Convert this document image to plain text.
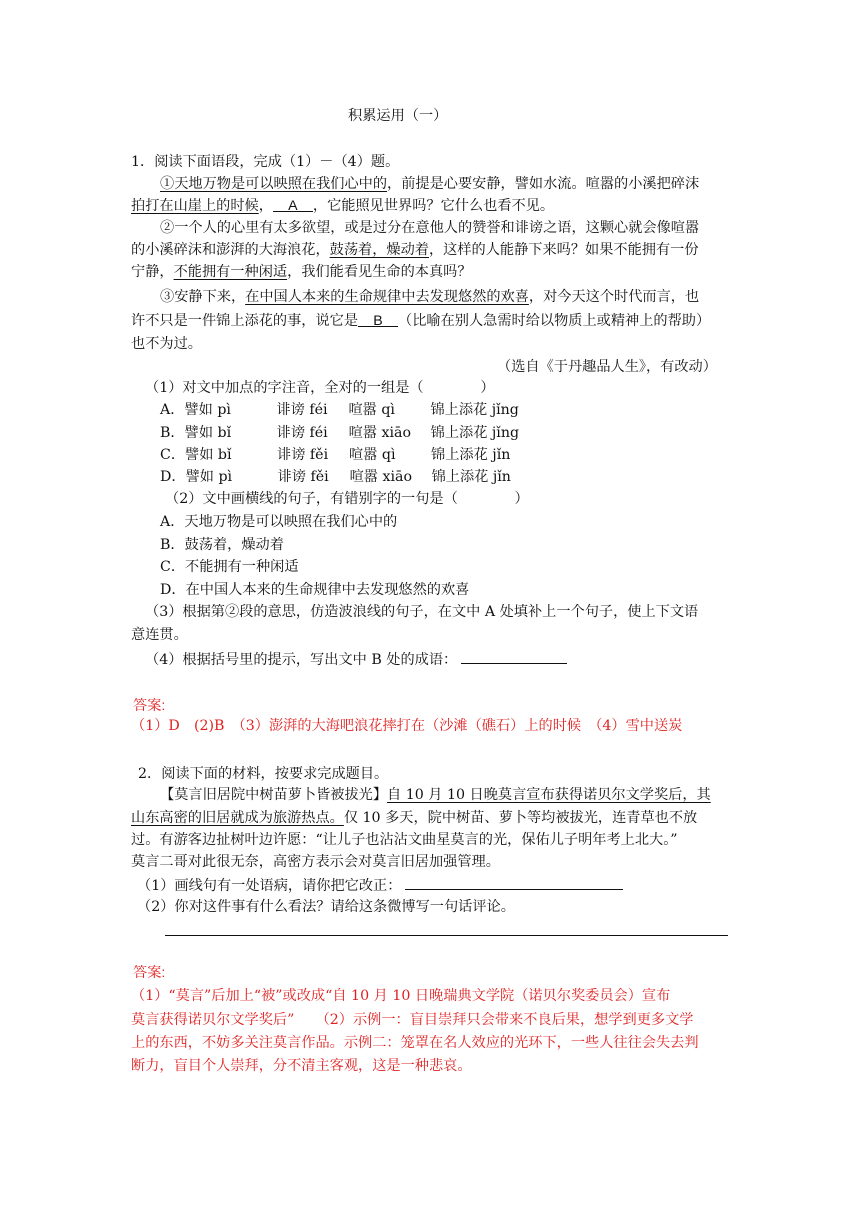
积累运用（一）
1．阅读下面语段，完成（1）－（4）题。
①天地万物是可以映照在我们心中的，前提是心要安静，譬如水流。喧嚣的小溪把碎沫
拍打在山崖上的时候， A ，它能照见世界吗？它什么也看不见。
②一个人的心里有太多欲望，或是过分在意他人的赞誉和诽谤之语，这颗心就会像喧嚣
的小溪碎沫和澎湃的大海浪花，鼓荡着，燥动着，这样的人能静下来吗？如果不能拥有一份
宁静，不能拥有一种闲适，我们能看见生命的本真吗？
③安静下来，在中国人本来的生命规律中去发现悠然的欢喜，对今天这个时代而言，也
许不只是一件锦上添花的事，说它是 B （比喻在别人急需时给以物质上或精神上的帮助）
也不为过。
（选自《于丹趣品人生》，有改动）
（1）对文中加点的字注音，全对的一组是（　　　　）
A．譬如 pì	诽谤 féi 喧嚣 qì 锦上添花 jǐng
B．譬如 bǐ	诽谤 féi 喧嚣 xiāo 锦上添花 jǐng
C．譬如 bǐ	诽谤 fěi 喧嚣 qì 锦上添花 jǐn
D．譬如 pì	诽谤 fěi 喧嚣 xiāo 锦上添花 jǐn
（2）文中画横线的句子，有错别字的一句是（　　　　）
A．天地万物是可以映照在我们心中的
B．鼓荡着，燥动着
C．不能拥有一种闲适
D．在中国人本来的生命规律中去发现悠然的欢喜
（3）根据第②段的意思，仿造波浪线的句子，在文中 A 处填补上一个句子，使上下文语
意连贯。
（4）根据括号里的提示，写出文中 B 处的成语：
答案:
（1）D　(2)B　（3）澎湃的大海吧浪花摔打在（沙滩（礁石）上的时候　（4）雪中送炭
2．阅读下面的材料，按要求完成题目。
【莫言旧居院中树苗萝卜皆被拔光】自 10 月 10 日晚莫言宣布获得诺贝尔文学奖后，其
山东高密的旧居就成为旅游热点。仅 10 多天，院中树苗、萝卜等均被拔光，连青草也不放
过。有游客边扯树叶边许愿：“让儿子也沾沾文曲星莫言的光，保佑儿子明年考上北大。”
莫言二哥对此很无奈，高密方表示会对莫言旧居加强管理。
（1）画线句有一处语病，请你把它改正：
（2）你对这件事有什么看法？请给这条微博写一句话评论。
答案:
（1）“莫言”后加上“被”或改成“自 10 月 10 日晚瑞典文学院（诺贝尔奖委员会）宣布
莫言获得诺贝尔文学奖后”　　（2）示例一：盲目崇拜只会带来不良后果，想学到更多文学
上的东西，不妨多关注莫言作品。示例二：笼罩在名人效应的光环下，一些人往往会失去判
断力，盲目个人崇拜，分不清主客观，这是一种悲哀。
